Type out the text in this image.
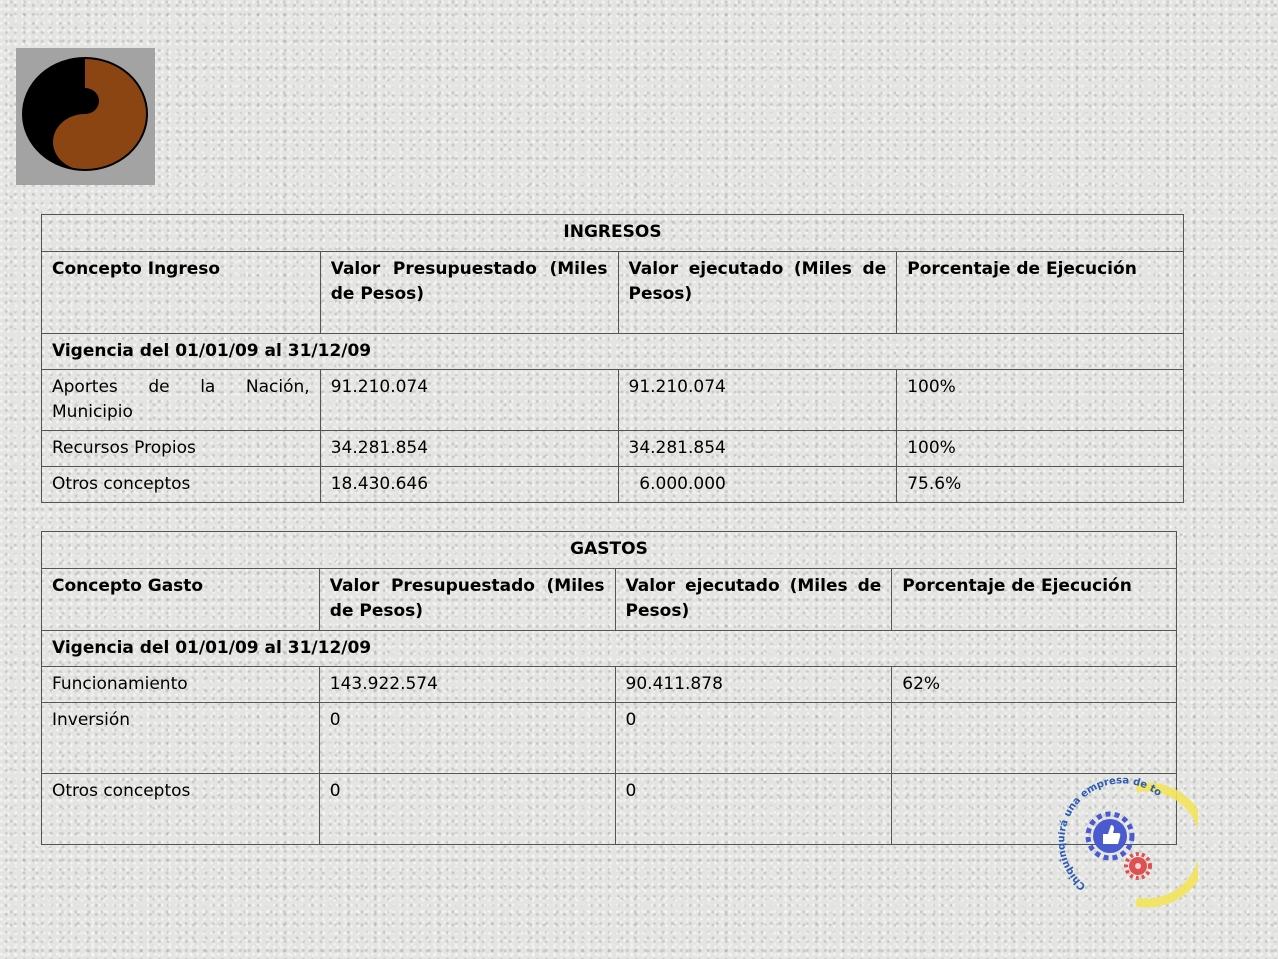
INGRESOS			
Concepto Ingreso	Valor Presupuestado (Miles de Pesos)	Valor ejecutado (Miles de Pesos)	Porcentaje de Ejecución
Vigencia del 01/01/09 al 31/12/09			
Aportes de la Nación, Municipio	91.210.074	91.210.074	100%
Recursos Propios	34.281.854	34.281.854	100%
Otros conceptos	18.430.646	6.000.000	75.6%
GASTOS			
Concepto Gasto	Valor Presupuestado (Miles de Pesos)	Valor ejecutado (Miles de Pesos)	Porcentaje de Ejecución
Vigencia del 01/01/09 al 31/12/09			
Funcionamiento	143.922.574	90.411.878	62%
Inversión	0	0	
Otros conceptos	0	0	
Chiquin rá una empresa de to
